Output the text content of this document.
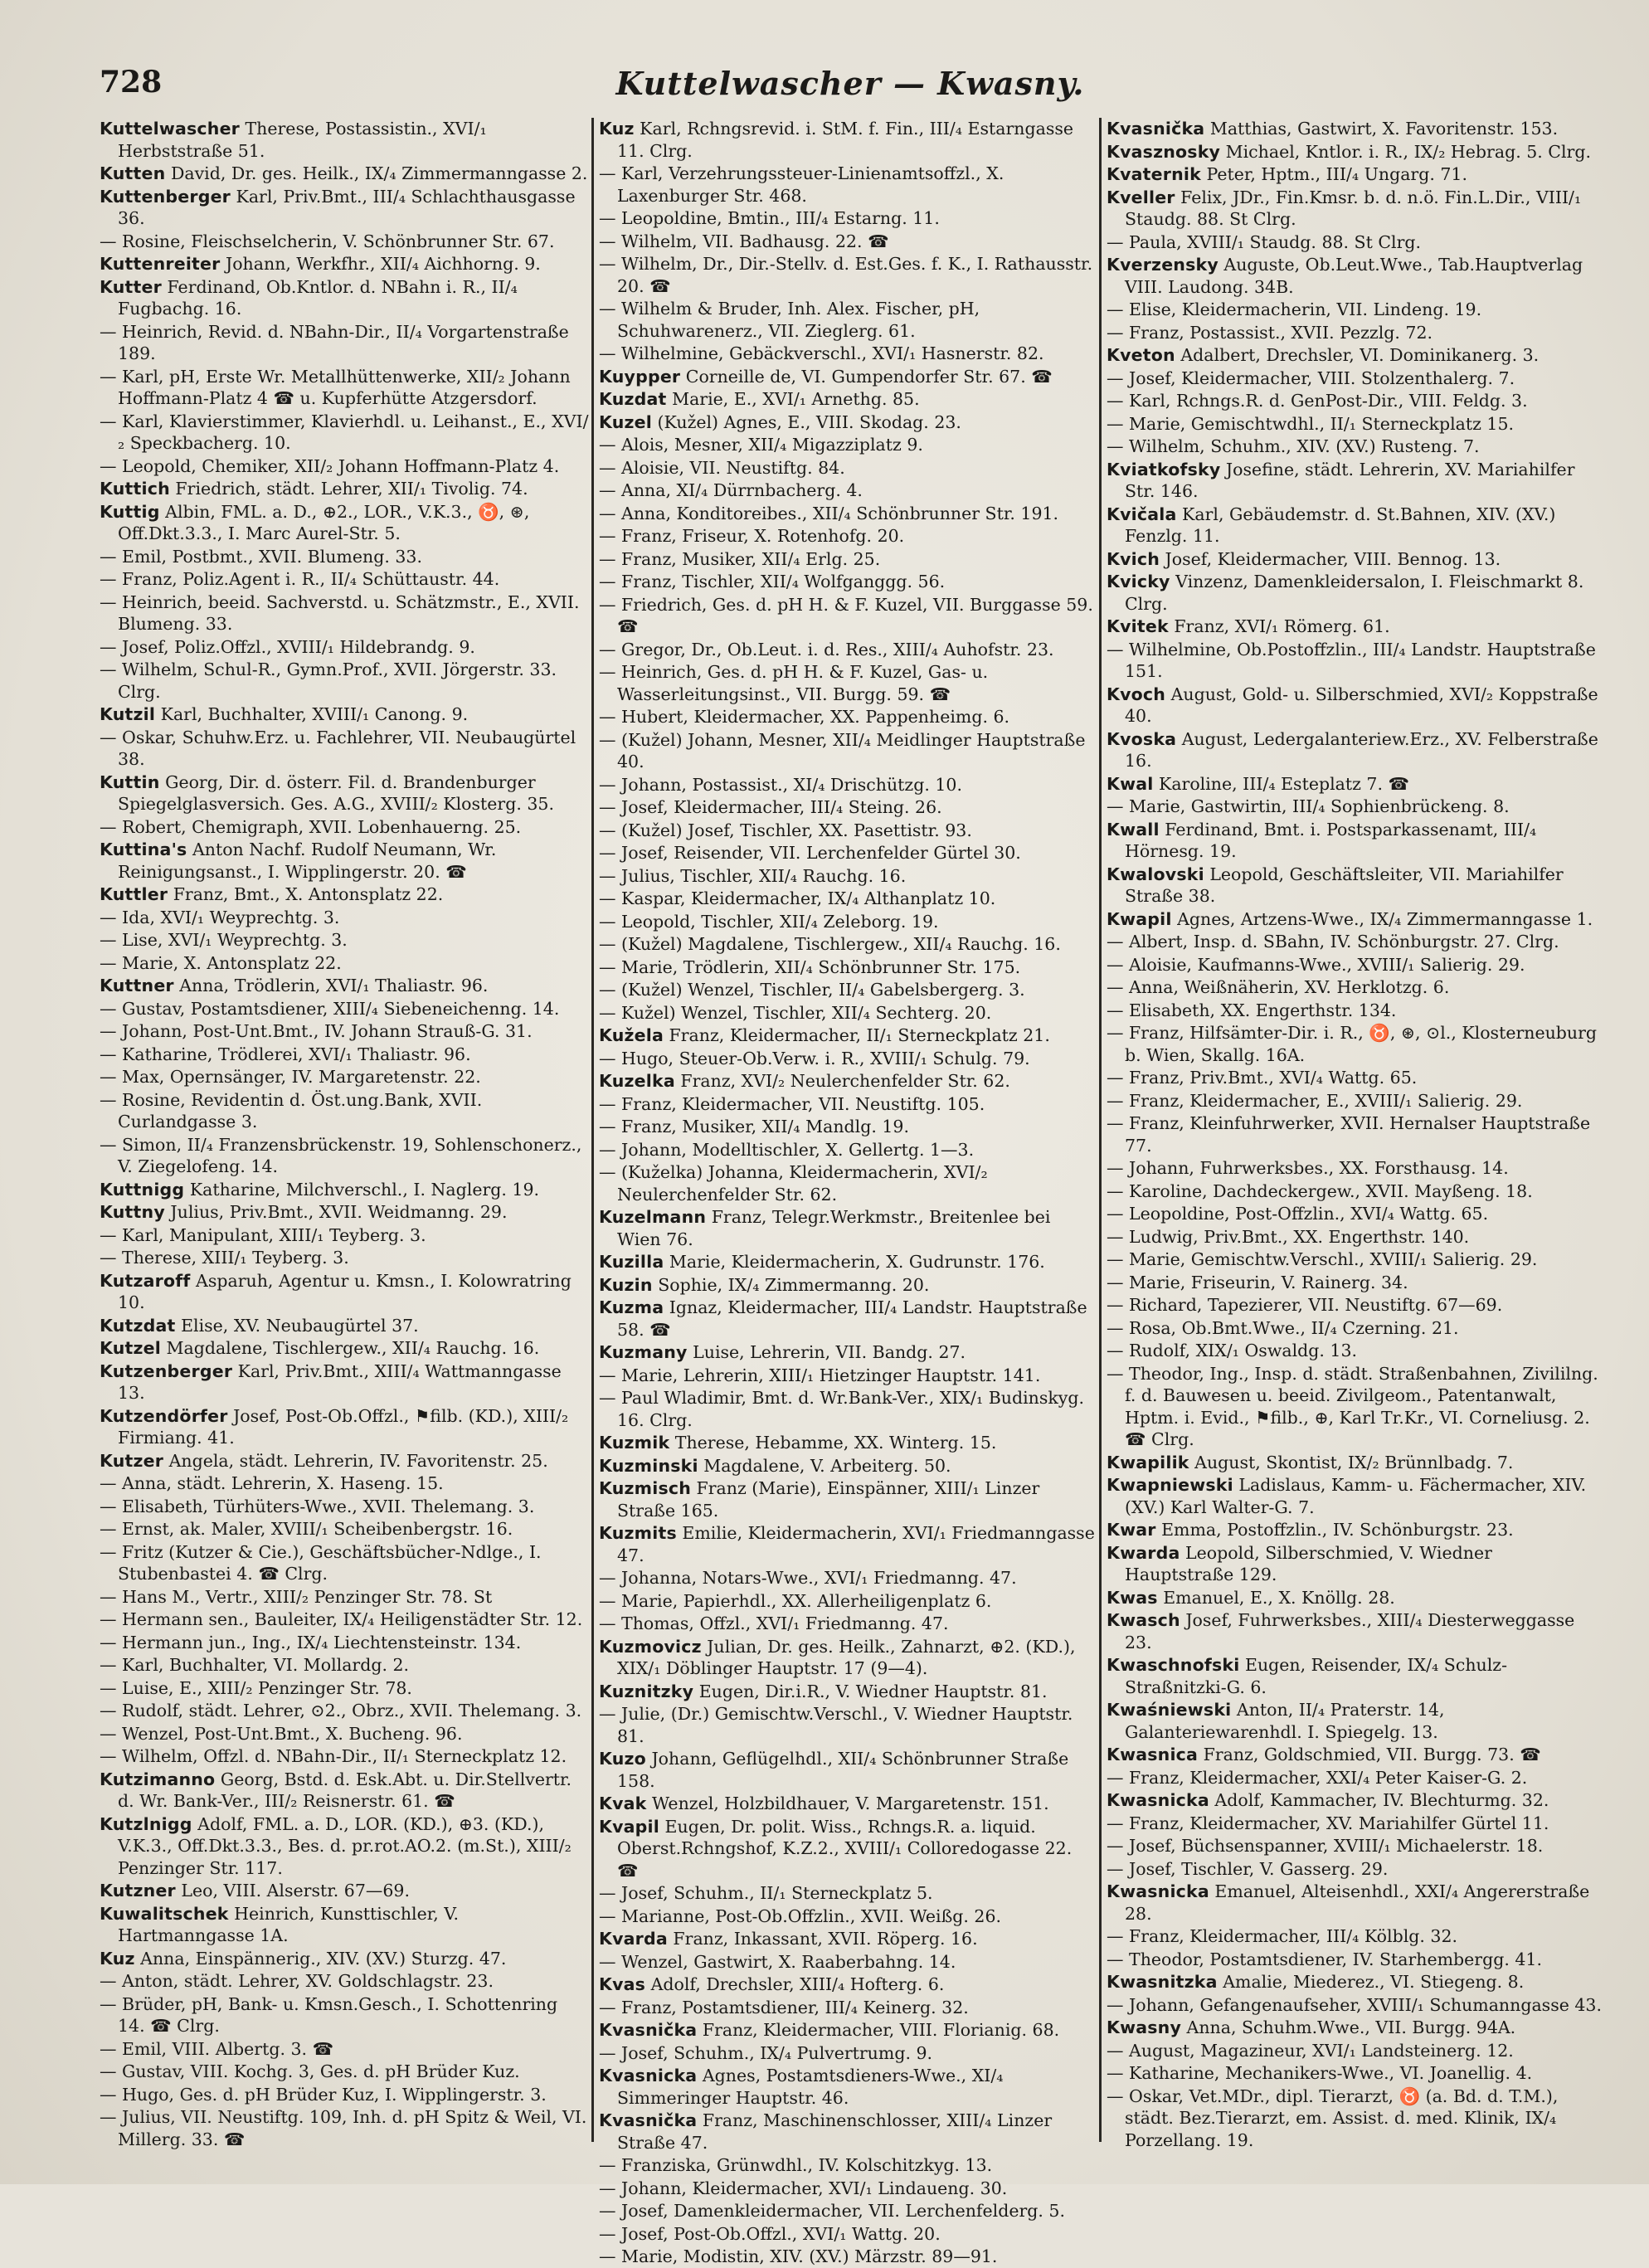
728	Kuttelwascher — Kwasny.
Kuttelwascher Therese, Postassistin., XVI/₁ Herbststraße 51.
Kutten David, Dr. ges. Heilk., IX/₄ Zimmermanngasse 2.
Kuttenberger Karl, Priv.Bmt., III/₄ Schlachthausgasse 36.
— Rosine, Fleischselcherin, V. Schönbrunner Str. 67.
Kuttenreiter Johann, Werkfhr., XII/₄ Aichhorng. 9.
Kutter Ferdinand, Ob.Kntlor. d. NBahn i. R., II/₄ Fugbachg. 16.
— Heinrich, Revid. d. NBahn-Dir., II/₄ Vorgartenstraße 189.
— Karl, pH, Erste Wr. Metallhüttenwerke, XII/₂ Johann Hoffmann-Platz 4 ☎ u. Kupferhütte Atzgersdorf.
— Karl, Klavierstimmer, Klavierhdl. u. Leihanst., E., XVI/₂ Speckbacherg. 10.
— Leopold, Chemiker, XII/₂ Johann Hoffmann-Platz 4.
Kuttich Friedrich, städt. Lehrer, XII/₁ Tivolig. 74.
Kuttig Albin, FML. a. D., ⊕2., LOR., V.K.3., ♉, ⊛, Off.Dkt.3.3., I. Marc Aurel-Str. 5.
— Emil, Postbmt., XVII. Blumeng. 33.
— Franz, Poliz.Agent i. R., II/₄ Schüttaustr. 44.
— Heinrich, beeid. Sachverstd. u. Schätzmstr., E., XVII. Blumeng. 33.
— Josef, Poliz.Offzl., XVIII/₁ Hildebrandg. 9.
— Wilhelm, Schul-R., Gymn.Prof., XVII. Jörgerstr. 33. Clrg.
Kutzil Karl, Buchhalter, XVIII/₁ Canong. 9.
— Oskar, Schuhw.Erz. u. Fachlehrer, VII. Neubaugürtel 38.
Kuttin Georg, Dir. d. österr. Fil. d. Brandenburger Spiegelglasversich. Ges. A.G., XVIII/₂ Klosterg. 35.
— Robert, Chemigraph, XVII. Lobenhauerng. 25.
Kuttina's Anton Nachf. Rudolf Neumann, Wr. Reinigungsanst., I. Wipplingerstr. 20. ☎
Kuttler Franz, Bmt., X. Antonsplatz 22.
— Ida, XVI/₁ Weyprechtg. 3.
— Lise, XVI/₁ Weyprechtg. 3.
— Marie, X. Antonsplatz 22.
Kuttner Anna, Trödlerin, XVI/₁ Thaliastr. 96.
— Gustav, Postamtsdiener, XIII/₄ Siebeneichenng. 14.
— Johann, Post-Unt.Bmt., IV. Johann Strauß-G. 31.
— Katharine, Trödlerei, XVI/₁ Thaliastr. 96.
— Max, Opernsänger, IV. Margaretenstr. 22.
— Rosine, Revidentin d. Öst.ung.Bank, XVII. Curlandgasse 3.
— Simon, II/₄ Franzensbrückenstr. 19, Sohlenschonerz., V. Ziegelofeng. 14.
Kuttnigg Katharine, Milchverschl., I. Naglerg. 19.
Kuttny Julius, Priv.Bmt., XVII. Weidmanng. 29.
— Karl, Manipulant, XIII/₁ Teyberg. 3.
— Therese, XIII/₁ Teyberg. 3.
Kutzaroff Asparuh, Agentur u. Kmsn., I. Kolowratring 10.
Kutzdat Elise, XV. Neubaugürtel 37.
Kutzel Magdalene, Tischlergew., XII/₄ Rauchg. 16.
Kutzenberger Karl, Priv.Bmt., XIII/₄ Wattmanngasse 13.
Kutzendörfer Josef, Post-Ob.Offzl., ⚑filb. (KD.), XIII/₂ Firmiang. 41.
Kutzer Angela, städt. Lehrerin, IV. Favoritenstr. 25.
— Anna, städt. Lehrerin, X. Haseng. 15.
— Elisabeth, Türhüters-Wwe., XVII. Thelemang. 3.
— Ernst, ak. Maler, XVIII/₁ Scheibenbergstr. 16.
— Fritz (Kutzer & Cie.), Geschäftsbücher-Ndlge., I. Stubenbastei 4. ☎ Clrg.
— Hans M., Vertr., XIII/₂ Penzinger Str. 78. St
— Hermann sen., Bauleiter, IX/₄ Heiligenstädter Str. 12.
— Hermann jun., Ing., IX/₄ Liechtensteinstr. 134.
— Karl, Buchhalter, VI. Mollardg. 2.
— Luise, E., XIII/₂ Penzinger Str. 78.
— Rudolf, städt. Lehrer, ⊙2., Obrz., XVII. Thelemang. 3.
— Wenzel, Post-Unt.Bmt., X. Bucheng. 96.
— Wilhelm, Offzl. d. NBahn-Dir., II/₁ Sterneckplatz 12.
Kutzimanno Georg, Bstd. d. Esk.Abt. u. Dir.Stellvertr. d. Wr. Bank-Ver., III/₂ Reisnerstr. 61. ☎
Kutzlnigg Adolf, FML. a. D., LOR. (KD.), ⊕3. (KD.), V.K.3., Off.Dkt.3.3., Bes. d. pr.rot.AO.2. (m.St.), XIII/₂ Penzinger Str. 117.
Kutzner Leo, VIII. Alserstr. 67—69.
Kuwalitschek Heinrich, Kunsttischler, V. Hartmanngasse 1A.
Kuz Anna, Einspännerig., XIV. (XV.) Sturzg. 47.
— Anton, städt. Lehrer, XV. Goldschlagstr. 23.
— Brüder, pH, Bank- u. Kmsn.Gesch., I. Schottenring 14. ☎ Clrg.
— Emil, VIII. Albertg. 3. ☎
— Gustav, VIII. Kochg. 3, Ges. d. pH Brüder Kuz.
— Hugo, Ges. d. pH Brüder Kuz, I. Wipplingerstr. 3.
— Julius, VII. Neustiftg. 109, Inh. d. pH Spitz & Weil, VI. Millerg. 33. ☎
Kuz Karl, Rchngsrevid. i. StM. f. Fin., III/₄ Estarngasse 11. Clrg.
— Karl, Verzehrungssteuer-Linienamtsoffzl., X. Laxenburger Str. 468.
— Leopoldine, Bmtin., III/₄ Estarng. 11.
— Wilhelm, VII. Badhausg. 22. ☎
— Wilhelm, Dr., Dir.-Stellv. d. Est.Ges. f. K., I. Rathausstr. 20. ☎
— Wilhelm & Bruder, Inh. Alex. Fischer, pH, Schuhwarenerz., VII. Zieglerg. 61.
— Wilhelmine, Gebäckverschl., XVI/₁ Hasnerstr. 82.
Kuypper Corneille de, VI. Gumpendorfer Str. 67. ☎
Kuzdat Marie, E., XVI/₁ Arnethg. 85.
Kuzel (Kužel) Agnes, E., VIII. Skodag. 23.
— Alois, Mesner, XII/₄ Migazziplatz 9.
— Aloisie, VII. Neustiftg. 84.
— Anna, XI/₄ Dürrnbacherg. 4.
— Anna, Konditoreibes., XII/₄ Schönbrunner Str. 191.
— Franz, Friseur, X. Rotenhofg. 20.
— Franz, Musiker, XII/₄ Erlg. 25.
— Franz, Tischler, XII/₄ Wolfganggg. 56.
— Friedrich, Ges. d. pH H. & F. Kuzel, VII. Burggasse 59. ☎
— Gregor, Dr., Ob.Leut. i. d. Res., XIII/₄ Auhofstr. 23.
— Heinrich, Ges. d. pH H. & F. Kuzel, Gas- u. Wasserleitungsinst., VII. Burgg. 59. ☎
— Hubert, Kleidermacher, XX. Pappenheimg. 6.
— (Kužel) Johann, Mesner, XII/₄ Meidlinger Hauptstraße 40.
— Johann, Postassist., XI/₄ Drischützg. 10.
— Josef, Kleidermacher, III/₄ Steing. 26.
— (Kužel) Josef, Tischler, XX. Pasettistr. 93.
— Josef, Reisender, VII. Lerchenfelder Gürtel 30.
— Julius, Tischler, XII/₄ Rauchg. 16.
— Kaspar, Kleidermacher, IX/₄ Althanplatz 10.
— Leopold, Tischler, XII/₄ Zeleborg. 19.
— (Kužel) Magdalene, Tischlergew., XII/₄ Rauchg. 16.
— Marie, Trödlerin, XII/₄ Schönbrunner Str. 175.
— (Kužel) Wenzel, Tischler, II/₄ Gabelsbergerg. 3.
— Kužel) Wenzel, Tischler, XII/₄ Sechterg. 20.
Kužela Franz, Kleidermacher, II/₁ Sterneckplatz 21.
— Hugo, Steuer-Ob.Verw. i. R., XVIII/₁ Schulg. 79.
Kuzelka Franz, XVI/₂ Neulerchenfelder Str. 62.
— Franz, Kleidermacher, VII. Neustiftg. 105.
— Franz, Musiker, XII/₄ Mandlg. 19.
— Johann, Modelltischler, X. Gellertg. 1—3.
— (Kuželka) Johanna, Kleidermacherin, XVI/₂ Neulerchenfelder Str. 62.
Kuzelmann Franz, Telegr.Werkmstr., Breitenlee bei Wien 76.
Kuzilla Marie, Kleidermacherin, X. Gudrunstr. 176.
Kuzin Sophie, IX/₄ Zimmermanng. 20.
Kuzma Ignaz, Kleidermacher, III/₄ Landstr. Hauptstraße 58. ☎
Kuzmany Luise, Lehrerin, VII. Bandg. 27.
— Marie, Lehrerin, XIII/₁ Hietzinger Hauptstr. 141.
— Paul Wladimir, Bmt. d. Wr.Bank-Ver., XIX/₁ Budinskyg. 16. Clrg.
Kuzmik Therese, Hebamme, XX. Winterg. 15.
Kuzminski Magdalene, V. Arbeiterg. 50.
Kuzmisch Franz (Marie), Einspänner, XIII/₁ Linzer Straße 165.
Kuzmits Emilie, Kleidermacherin, XVI/₁ Friedmanngasse 47.
— Johanna, Notars-Wwe., XVI/₁ Friedmanng. 47.
— Marie, Papierhdl., XX. Allerheiligenplatz 6.
— Thomas, Offzl., XVI/₁ Friedmanng. 47.
Kuzmovicz Julian, Dr. ges. Heilk., Zahnarzt, ⊕2. (KD.), XIX/₁ Döblinger Hauptstr. 17 (9—4).
Kuznitzky Eugen, Dir.i.R., V. Wiedner Hauptstr. 81.
— Julie, (Dr.) Gemischtw.Verschl., V. Wiedner Hauptstr. 81.
Kuzo Johann, Geflügelhdl., XII/₄ Schönbrunner Straße 158.
Kvak Wenzel, Holzbildhauer, V. Margaretenstr. 151.
Kvapil Eugen, Dr. polit. Wiss., Rchngs.R. a. liquid. Oberst.Rchngshof, K.Z.2., XVIII/₁ Colloredogasse 22. ☎
— Josef, Schuhm., II/₁ Sterneckplatz 5.
— Marianne, Post-Ob.Offzlin., XVII. Weißg. 26.
Kvarda Franz, Inkassant, XVII. Röperg. 16.
— Wenzel, Gastwirt, X. Raaberbahng. 14.
Kvas Adolf, Drechsler, XIII/₄ Hofterg. 6.
— Franz, Postamtsdiener, III/₄ Keinerg. 32.
Kvasnička Franz, Kleidermacher, VIII. Florianig. 68.
— Josef, Schuhm., IX/₄ Pulvertrumg. 9.
Kvasnicka Agnes, Postamtsdieners-Wwe., XI/₄ Simmeringer Hauptstr. 46.
Kvasnička Franz, Maschinenschlosser, XIII/₄ Linzer Straße 47.
— Franziska, Grünwdhl., IV. Kolschitzkyg. 13.
— Johann, Kleidermacher, XVI/₁ Lindaueng. 30.
— Josef, Damenkleidermacher, VII. Lerchenfelderg. 5.
— Josef, Post-Ob.Offzl., XVI/₁ Wattg. 20.
— Marie, Modistin, XIV. (XV.) Märzstr. 89—91.
Kvasnička Matthias, Gastwirt, X. Favoritenstr. 153.
Kvasznosky Michael, Kntlor. i. R., IX/₂ Hebrag. 5. Clrg.
Kvaternik Peter, Hptm., III/₄ Ungarg. 71.
Kveller Felix, JDr., Fin.Kmsr. b. d. n.ö. Fin.L.Dir., VIII/₁ Staudg. 88. St Clrg.
— Paula, XVIII/₁ Staudg. 88. St Clrg.
Kverzensky Auguste, Ob.Leut.Wwe., Tab.Hauptverlag VIII. Laudong. 34B.
— Elise, Kleidermacherin, VII. Lindeng. 19.
— Franz, Postassist., XVII. Pezzlg. 72.
Kveton Adalbert, Drechsler, VI. Dominikanerg. 3.
— Josef, Kleidermacher, VIII. Stolzenthalerg. 7.
— Karl, Rchngs.R. d. GenPost-Dir., VIII. Feldg. 3.
— Marie, Gemischtwdhl., II/₁ Sterneckplatz 15.
— Wilhelm, Schuhm., XIV. (XV.) Rusteng. 7.
Kviatkofsky Josefine, städt. Lehrerin, XV. Mariahilfer Str. 146.
Kvičala Karl, Gebäudemstr. d. St.Bahnen, XIV. (XV.) Fenzlg. 11.
Kvich Josef, Kleidermacher, VIII. Bennog. 13.
Kvicky Vinzenz, Damenkleidersalon, I. Fleischmarkt 8. Clrg.
Kvitek Franz, XVI/₁ Römerg. 61.
— Wilhelmine, Ob.Postoffzlin., III/₄ Landstr. Hauptstraße 151.
Kvoch August, Gold- u. Silberschmied, XVI/₂ Koppstraße 40.
Kvoska August, Ledergalanteriew.Erz., XV. Felberstraße 16.
Kwal Karoline, III/₄ Esteplatz 7. ☎
— Marie, Gastwirtin, III/₄ Sophienbrückeng. 8.
Kwall Ferdinand, Bmt. i. Postsparkassenamt, III/₄ Hörnesg. 19.
Kwalovski Leopold, Geschäftsleiter, VII. Mariahilfer Straße 38.
Kwapil Agnes, Artzens-Wwe., IX/₄ Zimmermanngasse 1.
— Albert, Insp. d. SBahn, IV. Schönburgstr. 27. Clrg.
— Aloisie, Kaufmanns-Wwe., XVIII/₁ Salierig. 29.
— Anna, Weißnäherin, XV. Herklotzg. 6.
— Elisabeth, XX. Engerthstr. 134.
— Franz, Hilfsämter-Dir. i. R., ♉, ⊛, ⊙l., Klosterneuburg b. Wien, Skallg. 16A.
— Franz, Priv.Bmt., XVI/₄ Wattg. 65.
— Franz, Kleidermacher, E., XVIII/₁ Salierig. 29.
— Franz, Kleinfuhrwerker, XVII. Hernalser Hauptstraße 77.
— Johann, Fuhrwerksbes., XX. Forsthausg. 14.
— Karoline, Dachdeckergew., XVII. Mayßeng. 18.
— Leopoldine, Post-Offzlin., XVI/₄ Wattg. 65.
— Ludwig, Priv.Bmt., XX. Engerthstr. 140.
— Marie, Gemischtw.Verschl., XVIII/₁ Salierig. 29.
— Marie, Friseurin, V. Rainerg. 34.
— Richard, Tapezierer, VII. Neustiftg. 67—69.
— Rosa, Ob.Bmt.Wwe., II/₄ Czerning. 21.
— Rudolf, XIX/₁ Oswaldg. 13.
— Theodor, Ing., Insp. d. städt. Straßenbahnen, Zivililng. f. d. Bauwesen u. beeid. Zivilgeom., Patentanwalt, Hptm. i. Evid., ⚑filb., ⊕, Karl Tr.Kr., VI. Corneliusg. 2. ☎ Clrg.
Kwapilik August, Skontist, IX/₂ Brünnlbadg. 7.
Kwapniewski Ladislaus, Kamm- u. Fächermacher, XIV. (XV.) Karl Walter-G. 7.
Kwar Emma, Postoffzlin., IV. Schönburgstr. 23.
Kwarda Leopold, Silberschmied, V. Wiedner Hauptstraße 129.
Kwas Emanuel, E., X. Knöllg. 28.
Kwasch Josef, Fuhrwerksbes., XIII/₄ Diesterweggasse 23.
Kwaschnofski Eugen, Reisender, IX/₄ Schulz-Straßnitzki-G. 6.
Kwaśniewski Anton, II/₄ Praterstr. 14, Galanteriewarenhdl. I. Spiegelg. 13.
Kwasnica Franz, Goldschmied, VII. Burgg. 73. ☎
— Franz, Kleidermacher, XXI/₄ Peter Kaiser-G. 2.
Kwasnicka Adolf, Kammacher, IV. Blechturmg. 32.
— Franz, Kleidermacher, XV. Mariahilfer Gürtel 11.
— Josef, Büchsenspanner, XVIII/₁ Michaelerstr. 18.
— Josef, Tischler, V. Gasserg. 29.
Kwasnicka Emanuel, Alteisenhdl., XXI/₄ Angererstraße 28.
— Franz, Kleidermacher, III/₄ Kölblg. 32.
— Theodor, Postamtsdiener, IV. Starhembergg. 41.
Kwasnitzka Amalie, Miederez., VI. Stiegeng. 8.
— Johann, Gefangenaufseher, XVIII/₁ Schumanngasse 43.
Kwasny Anna, Schuhm.Wwe., VII. Burgg. 94A.
— August, Magazineur, XVI/₁ Landsteinerg. 12.
— Katharine, Mechanikers-Wwe., VI. Joanellig. 4.
— Oskar, Vet.MDr., dipl. Tierarzt, ♉ (a. Bd. d. T.M.), städt. Bez.Tierarzt, em. Assist. d. med. Klinik, IX/₄ Porzellang. 19.
